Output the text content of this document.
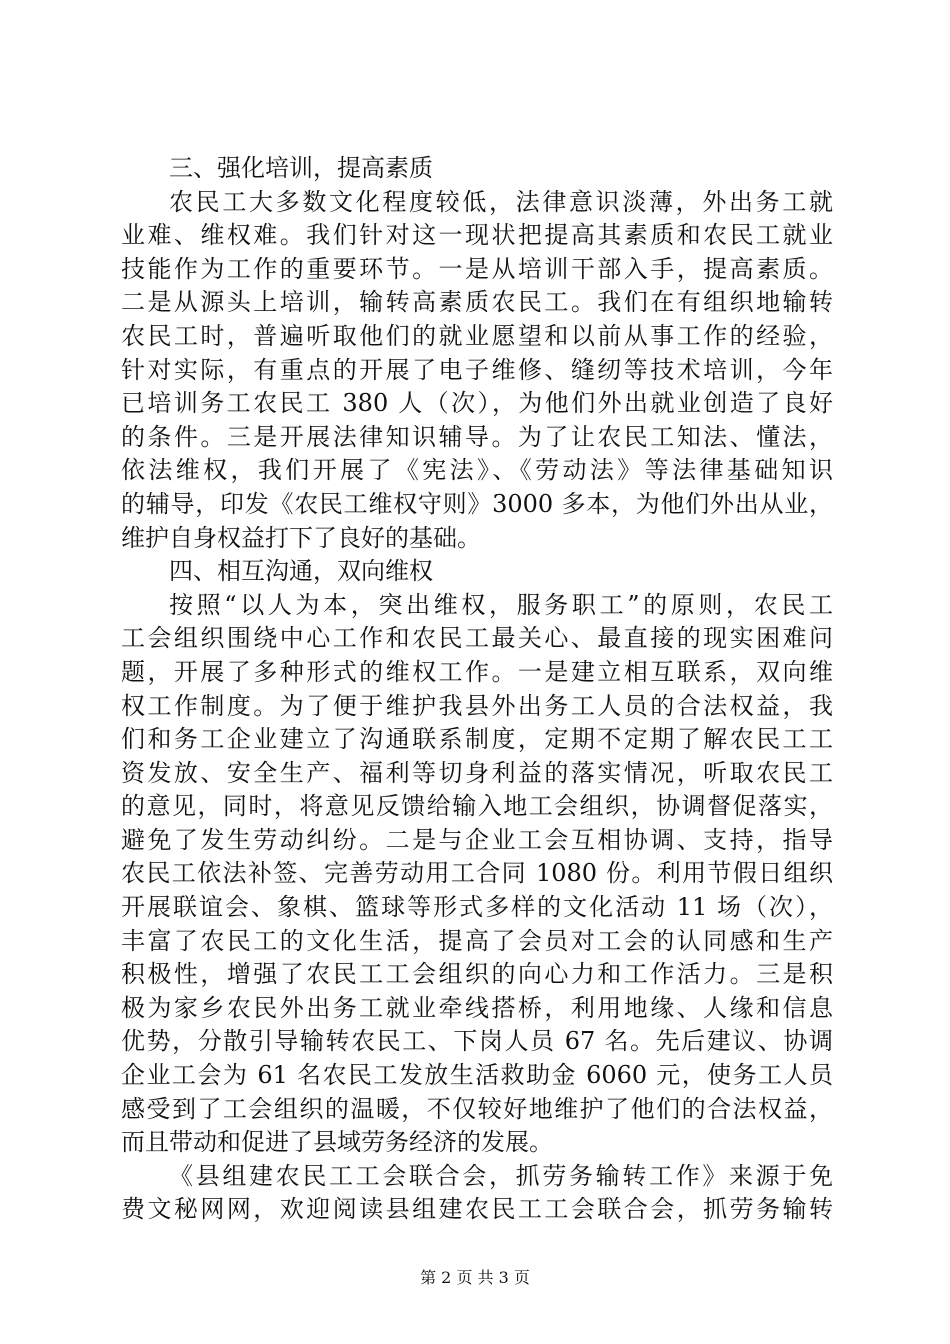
三、强化培训，提高素质
农民工大多数文化程度较低，法律意识淡薄，外出务工就
业难、维权难。我们针对这一现状把提高其素质和农民工就业
技能作为工作的重要环节。一是从培训干部入手，提高素质。
二是从源头上培训，输转高素质农民工。我们在有组织地输转
农民工时，普遍听取他们的就业愿望和以前从事工作的经验，
针对实际，有重点的开展了电子维修、缝纫等技术培训，今年
已培训务工农民工 380 人（次），为他们外出就业创造了良好
的条件。三是开展法律知识辅导。为了让农民工知法、懂法，
依法维权，我们开展了《宪法》、《劳动法》等法律基础知识
的辅导，印发《农民工维权守则》3000 多本，为他们外出从业，
维护自身权益打下了良好的基础。
四、相互沟通，双向维权
按照“以人为本，突出维权，服务职工”的原则，农民工
工会组织围绕中心工作和农民工最关心、最直接的现实困难问
题，开展了多种形式的维权工作。一是建立相互联系，双向维
权工作制度。为了便于维护我县外出务工人员的合法权益，我
们和务工企业建立了沟通联系制度，定期不定期了解农民工工
资发放、安全生产、福利等切身利益的落实情况，听取农民工
的意见，同时，将意见反馈给输入地工会组织，协调督促落实，
避免了发生劳动纠纷。二是与企业工会互相协调、支持，指导
农民工依法补签、完善劳动用工合同 1080 份。利用节假日组织
开展联谊会、象棋、篮球等形式多样的文化活动 11 场（次），
丰富了农民工的文化生活，提高了会员对工会的认同感和生产
积极性，增强了农民工工会组织的向心力和工作活力。三是积
极为家乡农民外出务工就业牵线搭桥，利用地缘、人缘和信息
优势，分散引导输转农民工、下岗人员 67 名。先后建议、协调
企业工会为 61 名农民工发放生活救助金 6060 元，使务工人员
感受到了工会组织的温暖，不仅较好地维护了他们的合法权益，
而且带动和促进了县域劳务经济的发展。
《县组建农民工工会联合会，抓劳务输转工作》来源于免
费文秘网网，欢迎阅读县组建农民工工会联合会，抓劳务输转
第 2 页 共 3 页
